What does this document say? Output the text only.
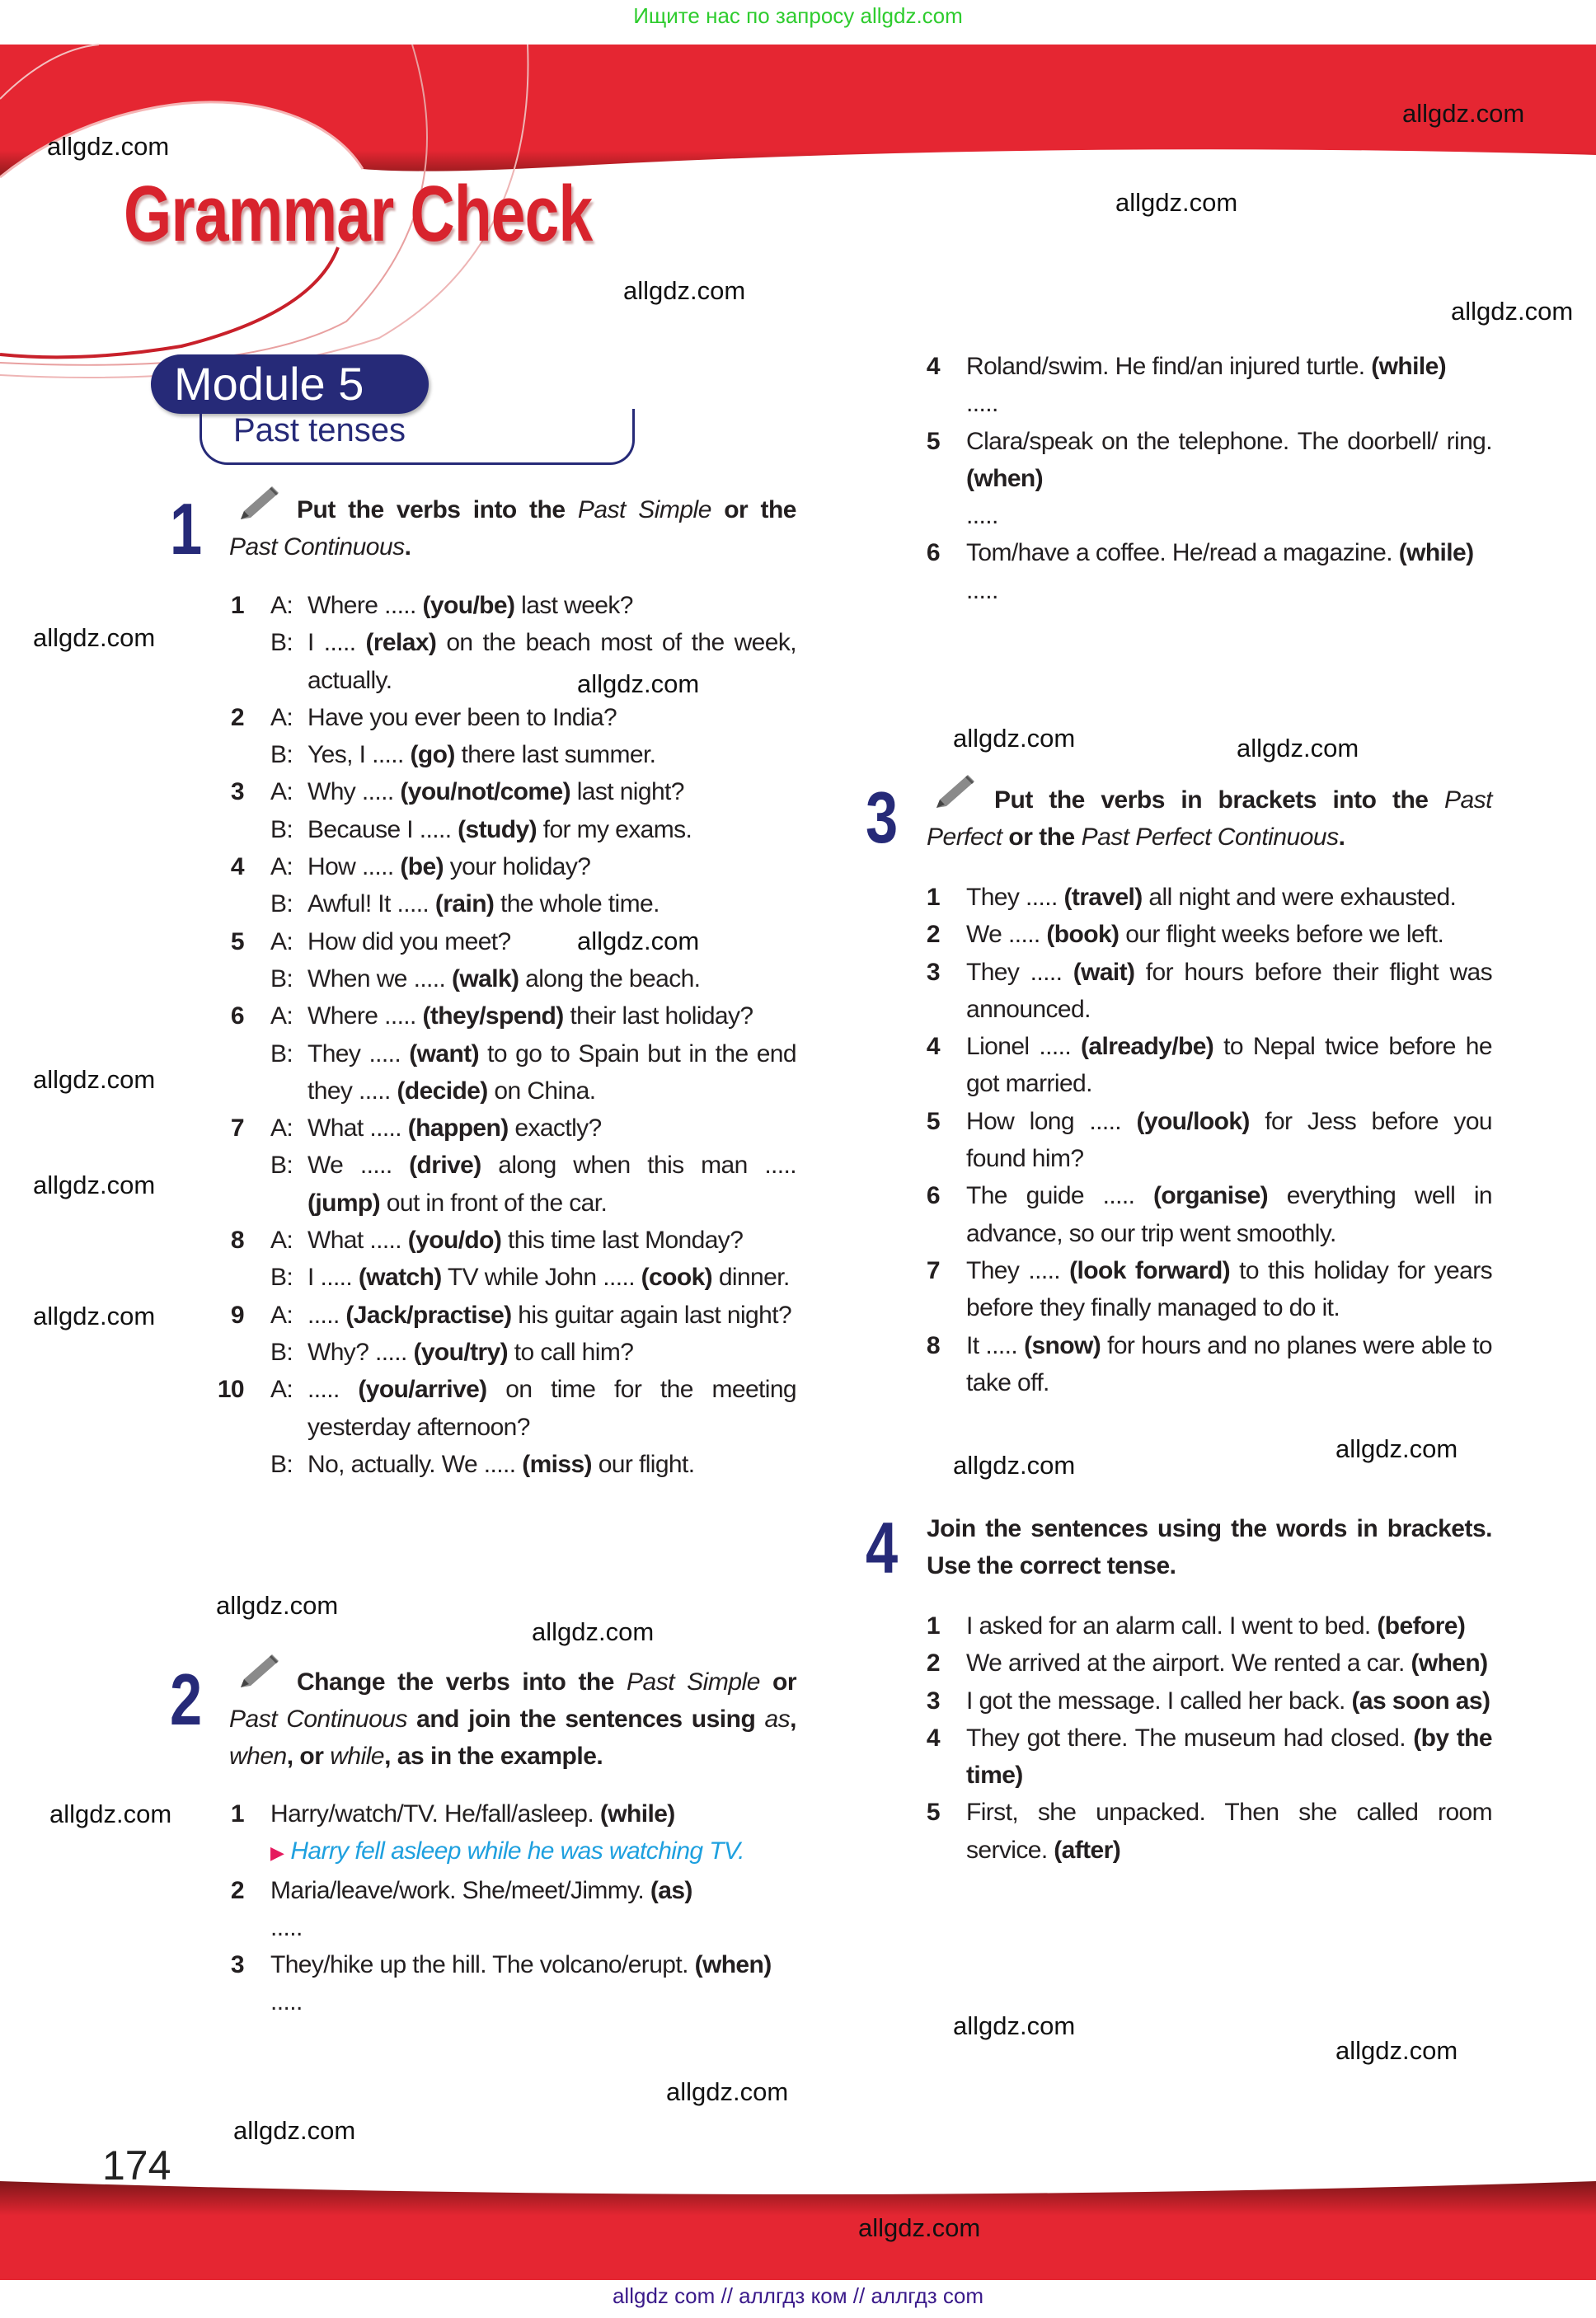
Ищите нас по запросу allgdz.com
Grammar Check
Module 5
Past tenses
1
2
3
4
Put the verbs into the Past Simple or the Past Continuous.
Change the verbs into the Past Simple or Past Continuous and join the sentences using as, when, or while, as in the example.
Put the verbs in brackets into the Past Perfect or the Past Perfect Continuous.
Join the sentences using the words in brackets. Use the correct tense.
1 A: Where ..... (you/be) last week?
B: I ..... (relax) on the beach most of the week, actually.
2 A: Have you ever been to India?
B: Yes, I ..... (go) there last summer.
3 A: Why ..... (you/not/come) last night?
B: Because I ..... (study) for my exams.
4 A: How ..... (be) your holiday?
B: Awful! It ..... (rain) the whole time.
5 A: How did you meet?
B: When we ..... (walk) along the beach.
6 A: Where ..... (they/spend) their last holiday?
B: They ..... (want) to go to Spain but in the end they ..... (decide) on China.
7 A: What ..... (happen) exactly?
B: We ..... (drive) along when this man ..... (jump) out in front of the car.
8 A: What ..... (you/do) this time last Monday?
B: I ..... (watch) TV while John ..... (cook) dinner.
9 A: ..... (Jack/practise) his guitar again last night?
B: Why? ..... (you/try) to call him?
10 A: ..... (you/arrive) on time for the meeting yesterday afternoon?
B: No, actually. We ..... (miss) our flight.
1 Harry/watch/TV. He/fall/asleep. (while)
▶ Harry fell asleep while he was watching TV.
2 Maria/leave/work. She/meet/Jimmy. (as)
.....
3 They/hike up the hill. The volcano/erupt. (when)
.....
4 Roland/swim. He find/an injured turtle. (while)
.....
5 Clara/speak on the telephone. The doorbell/ ring. (when)
.....
6 Tom/have a coffee. He/read a magazine. (while)
.....
1 They ..... (travel) all night and were exhausted.
2 We ..... (book) our flight weeks before we left.
3 They ..... (wait) for hours before their flight was announced.
4 Lionel ..... (already/be) to Nepal twice before he got married.
5 How long ..... (you/look) for Jess before you found him?
6 The guide ..... (organise) everything well in advance, so our trip went smoothly.
7 They ..... (look forward) to this holiday for years before they finally managed to do it.
8 It ..... (snow) for hours and no planes were able to take off.
1 I asked for an alarm call. I went to bed. (before)
2 We arrived at the airport. We rented a car. (when)
3 I got the message. I called her back. (as soon as)
4 They got there. The museum had closed. (by the time)
5 First, she unpacked. Then she called room service. (after)
174
allgdz com // аллгдз ком // аллгдз com
allgdz.com
allgdz.com
allgdz.com
allgdz.com
allgdz.com
allgdz.com
allgdz.com
allgdz.com
allgdz.com
allgdz.com
allgdz.com
allgdz.com
allgdz.com
allgdz.com
allgdz.com
allgdz.com
allgdz.com
allgdz.com	allgdz.com
allgdz.com
allgdz.com
allgdz.com
allgdz.com
